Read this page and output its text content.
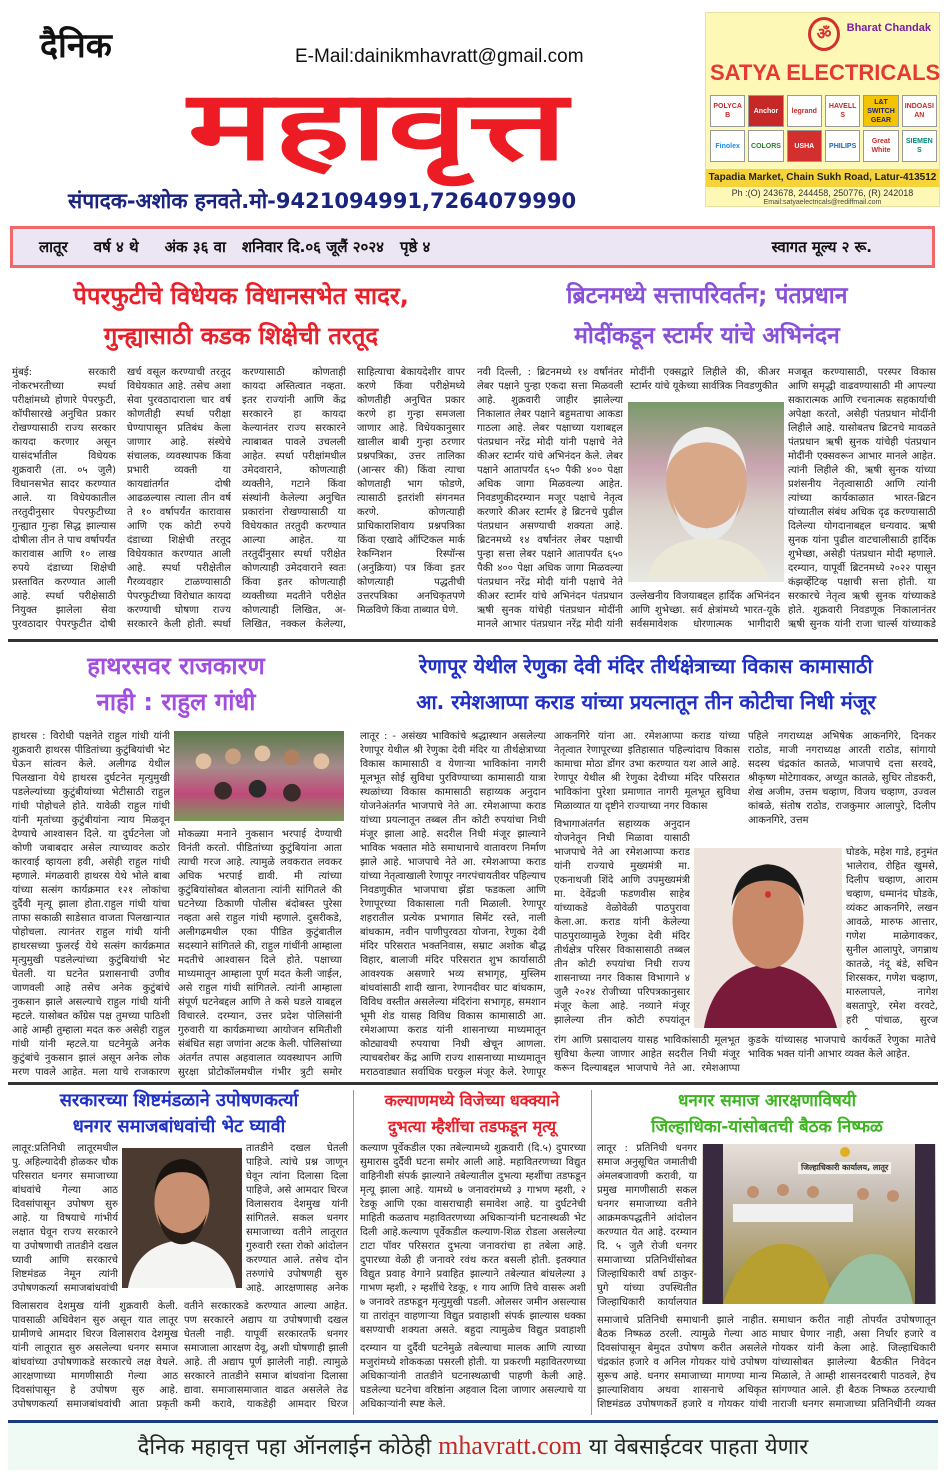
दैनिक	E-Mail:dainikmhavratt@gmail.com
महावृत्त
संपादक-अशोक हनवते.मो-9421094991,7264079990
ॐ	Bharat Chandak
SATYA ELECTRICALS
POLYCAB
Anchor	legrand
HAVELLS
L&T SWITCHGEAR
INDOASIAN
Finolex	COLORS	USHA	PHILIPS
Great White
SIEMENS
Tapadia Market, Chain Sukh Road, Latur-413512
Ph :(O) 243678, 244458, 250776, (R) 242018
Email:satyaelectricals@rediffmail.com
लातूर वर्ष ४ थे अंक ३६ वा शनिवार दि.०६ जूलैं २०२४ पृष्ठे ४	स्वागत मूल्य २ रू.
पेपरफुटीचे विधेयक विधानसभेत सादर,
गुन्ह्यासाठी कडक शिक्षेची तरतूद
मुंबई: सरकारी नोकरभरतीच्या स्पर्धा परीक्षांमध्ये होणारे पेपरफुटी, कॉपीसारखे अनुचित प्रकार रोखण्यासाठी राज्य सरकार कायदा करणार असून यासंदर्भातील विधेयक शुक्रवारी (ता. ०५ जुलै) विधानसभेत सादर करण्यात आले. या विधेयकातील तरतुदीनुसार पेपरफुटीच्या गुन्ह्यात गुन्हा सिद्ध झाल्यास दोषीला तीन ते पाच वर्षापर्यंत कारावास आणि १० लाख रुपये दंडाच्या शिक्षेची प्रस्तावित करण्यात आली आहे. स्पर्धा परीक्षेसाठी नियुक्त झालेला सेवा पुरवठादार पेपरफुटीत दोषी
खर्च वसूल करण्याची तरतूद विधेयकात आहे. तसेच अशा सेवा पुरवठादाराला चार वर्ष कोणतीही स्पर्धा परीक्षा घेण्यापासून प्रतिबंध केला जाणार आहे. संस्थेचे संचालक, व्यवस्थापक किंवा प्रभारी व्यक्ती या कायद्यांतर्गत दोषी आढळल्यास त्याला तीन वर्ष ते १० वर्षापर्यंत कारावास आणि एक कोटी रुपये दंडाच्या शिक्षेची तरतूद विधेयकात करण्यात आली आहे. स्पर्धा परीक्षेतील गैरव्यवहार टाळण्यासाठी पेपरफुटीच्या विरोधात कायदा करण्याची घोषणा राज्य सरकारने केली होती. स्पर्धा
करण्यासाठी कोणताही कायदा अस्तित्वात नव्हता. इतर राज्यांनी आणि केंद्र सरकारने हा कायदा केल्यानंतर राज्य सरकारने त्याबाबत पावले उचलली आहेत. स्पर्धा परीक्षांमधील उमेदवाराने, कोणत्याही व्यक्तीने, गटाने किंवा संस्थांनी केलेल्या अनुचित प्रकारांना रोखण्यासाठी या विधेयकात तरतुदी करण्यात आल्या आहेत. या तरतुदींनुसार स्पर्धा परीक्षेत कोणत्याही उमेदवाराने स्वतः किंवा इतर कोणत्याही व्यक्तीच्या मदतीने परीक्षेत कोणत्याही लिखित, अ-लिखित, नक्कल केलेल्या,
साहित्याचा बेकायदेशीर वापर करणे किंवा परीक्षेमध्ये कोणतीही अनुचित प्रकार करणे हा गुन्हा समजला जाणार आहे. विधेयकानुसार खालील बाबी गुन्हा ठरणार प्रश्नपत्रिका, उत्तर तालिका (आन्सर की) किंवा त्याचा कोणताही भाग फोडणे, त्यासाठी इतरांशी संगनमत करणे. कोणत्याही प्राधिकाराशिवाय प्रश्नपत्रिका किंवा एखादे ऑप्टिकल मार्क रेकग्निशन रिस्पॉन्स (अनुक्रिया) पत्र किंवा इतर कोणत्याही पद्धतीची उत्तरपत्रिका अनधिकृतपणे मिळविणे किंवा ताब्यात घेणे.
ब्रिटनमध्ये सत्तापरिवर्तन; पंतप्रधान
मोदींकडून स्टार्मर यांचे अभिनंदन
नवी दिल्ली, : ब्रिटनमध्ये १४ वर्षांनंतर लेबर पक्षाने पुन्हा एकदा सत्ता मिळवली आहे. शुक्रवारी जाहीर झालेल्या निकालात लेबर पक्षाने बहुमताचा आकडा गाठला आहे. लेबर पक्षाच्या यशाबद्दल पंतप्रधान नरेंद्र मोदी यांनी पक्षाचे नेते कीअर स्टार्मर यांचे अभिनंदन केले. लेबर पक्षाने आतापर्यंत ६५० पैकी ४०० पेक्षा अधिक जागा मिळवल्या आहेत. निवडणुकीदरम्यान मजूर पक्षाचे नेतृत्व करणारे कीअर स्टार्मर हे ब्रिटनचे पुढील पंतप्रधान असण्याची शक्यता आहे. ब्रिटनमध्ये १४ वर्षांनंतर लेबर पक्षाची पुन्हा सत्ता लेबर पक्षाने आतापर्यंत ६५० पैकी ४०० पेक्षा अधिक जागा मिळवल्या पंतप्रधान नरेंद्र मोदी यांनी पक्षाचे नेते कीअर स्टार्मर यांचे अभिनंदन पंतप्रधान ऋषी सुनक यांचेही पंतप्रधान मोदींनी मानले आभार पंतप्रधान नरेंद्र मोदी यांनी
मोदींनी एक्सद्वारे लिहीले की, कीअर स्टार्मर यांचे यूकेच्या सार्वत्रिक निवडणुकीत
उल्लेखनीय विजयाबद्दल हार्दिक अभिनंदन आणि शुभेच्छा. सर्व क्षेत्रांमध्ये भारत-यूके सर्वसमावेशक धोरणात्मक भागीदारी
मजबूत करण्यासाठी, परस्पर विकास आणि समृद्धी वाढवण्यासाठी मी आपल्या सकारात्मक आणि रचनात्मक सहकार्याची अपेक्षा करतो, असेही पंतप्रधान मोदींनी लिहीले आहे. यासोबतच ब्रिटनचे मावळते पंतप्रधान ऋषी सुनक यांचेही पंतप्रधान मोदींनी एक्सवरून आभार मानले आहेत. त्यांनी लिहीले की, ऋषी सुनक यांच्या प्रशंसनीय नेतृत्वासाठी आणि त्यांनी त्यांच्या कार्यकाळात भारत-ब्रिटन यांच्यातील संबंध अधिक दृढ करण्यासाठी दिलेल्या योगदानाबद्दल धन्यवाद. ऋषी सुनक यांना पुढील वाटचालीसाठी हार्दिक शुभेच्छा, असेही पंतप्रधान मोदी म्हणाले. दरम्यान, यापूर्वी ब्रिटनमध्ये २०२२ पासून कंझर्व्हेटिव्ह पक्षाची सत्ता होती. या सरकारचे नेतृत्व ऋषी सुनक यांच्याकडे होते. शुक्रवारी निवडणूक निकालानंतर ऋषी सुनक यांनी राजा चार्ल्स यांच्याकडे
हाथरसवर राजकारण
नाही : राहुल गांधी
हाथरस : विरोधी पक्षनेते राहुल गांधी यांनी शुक्रवारी हाथरस पीडितांच्या कुटुंबियांची भेट घेऊन सांत्वन केले. अलीगढ येथील पिलखाना येथे हाथरस दुर्घटनेत मृत्युमुखी पडलेल्यांच्या कुटुंबीयांच्या भेटीसाठी राहुल गांधी पोहोचले होते. यावेळी राहुल गांधी यांनी मृतांच्या कुटुंबीयांना न्याय मिळवून देण्याचे आश्वासन दिले. या दुर्घटनेला जो कोणी जबाबदार असेल त्याच्यावर कठोर कारवाई व्हायला हवी, असेही राहुल गांधी म्हणाले. मंगळवारी हाथरस येथे भोले बाबा यांच्या सत्संग कार्यक्रमात १२१ लोकांचा दुर्दैवी मृत्यू झाला होता.राहुल गांधी यांचा ताफा सकाळी साडेसात वाजता पिलखान्यात पोहोचला. त्यानंतर राहुल गांधी यांनी हाथरसच्या फुलरई येथे सत्संग कार्यक्रमात मृत्युमुखी पडलेल्यांच्या कुटुंबियांची भेट घेतली. या घटनेत प्रशासनाची उणीव जाणवली आहे तसेच अनेक कुटुंबांचे नुकसान झाले असल्याचे राहुल गांधी यांनी म्हटले. यासोबत काँग्रेस पक्ष तुमच्या पाठिशी आहे आम्ही तुम्हाला मदत करु असेही राहुल गांधी यांनी म्हटले.या घटनेमुळे अनेक कुटुंबांचे नुकसान झालं असून अनेक लोक मरण पावले आहेत. मला याचे राजकारण
मोकळ्या मनाने नुकसान भरपाई देण्याची विनंती करतो. पीडितांच्या कुटुंबियांना आता त्याची गरज आहे. त्यामुळे लवकरात लवकर अधिक भरपाई द्यावी. मी त्यांच्या कुटुंबियांसोबत बोलताना त्यांनी सांगितले की घटनेच्या ठिकाणी पोलीस बंदोबस्त पुरेसा नव्हता असे राहुल गांधी म्हणाले. दुसरीकडे, अलीगढमधील एका पीडित कुटुंबातील सदस्याने सांगितले की, राहुल गांधींनी आम्हाला मदतीचे आश्वासन दिले होते. पक्षाच्या माध्यमातून आम्हाला पूर्ण मदत केली जाईल, असे राहुल गांधी सांगितले. त्यांनी आम्हाला संपूर्ण घटनेबद्दल आणि ते कसे घडले याबद्दल विचारले. दरम्यान, उत्तर प्रदेश पोलिसांनी गुरुवारी या कार्यक्रमाच्या आयोजन समितीशी संबंधित सहा जणांना अटक केली. पोलिसांच्या अंतर्गत तपास अहवालात व्यवस्थापन आणि सुरक्षा प्रोटोकॉलमधील गंभीर त्रुटी समोर
रेणापूर येथील रेणुका देवी मंदिर तीर्थक्षेत्राच्या विकास कामासाठी
आ. रमेशआप्पा कराड यांच्या प्रयत्नातून तीन कोटीचा निधी मंजूर
लातूर : - असंख्य भाविकांचे श्रद्धास्थान असलेल्या रेणापूर येथील श्री रेणुका देवी मंदिर या तीर्थक्षेत्राच्या विकास कामासाठी व येणाऱ्या भाविकांना नागरी मूलभूत सोई सुविधा पुरविण्याच्या कामासाठी यात्रा स्थळांच्या विकास कामासाठी सहाय्यक अनुदान योजनेअंतर्गत भाजपाचे नेते आ. रमेशआप्पा कराड यांच्या प्रयत्नातून तब्बल तीन कोटी रुपयांचा निधी मंजूर झाला आहे. सदरील निधी मंजूर झाल्याने भाविक भक्तात मोठे समाधानाचे वातावरण निर्माण झाले आहे. भाजपाचे नेते आ. रमेशआप्पा कराड यांच्या नेतृत्वाखाली रेणापूर नगरपंचायतीवर पहिल्याच निवडणुकीत भाजपाचा झेंडा फडकला आणि रेणापूरच्या विकासाला गती मिळाली. रेणापूर शहरातील प्रत्येक प्रभागात सिमेंट रस्ते, नाली बांधकाम, नवीन पाणीपुरवठा योजना, रेणुका देवी मंदिर परिसरात भक्तनिवास, सम्राट अशोक बौद्ध विहार, बालाजी मंदिर परिसरात शुभ कार्यासाठी आवश्यक असणारे भव्य सभागृह, मुस्लिम बांधवांसाठी शादी खाना, रेणानदीवर घाट बांधकाम, विविध वस्तीत असलेल्या मंदिरांना सभागृह, समशान भूमी शेड यासह विविध विकास कामासाठी आ. रमेशआप्पा कराड यांनी शासनाच्या माध्यमातून कोट्यावधी रुपयाचा निधी खेचून आणला. त्याचबरोबर केंद्र आणि राज्य शासनाच्या माध्यमातून मराठवाड्यात सर्वाधिक घरकुल मंजूर केले. रेणापूर
आकनगिरे यांना आ. रमेशआप्पा कराड यांच्या नेतृत्वात रेणापूरच्या इतिहासात पहिल्यांदाच विकास कामाचा मोठा डोंगर उभा करण्यात यश आले आहे. रेणापूर येथील श्री रेणुका देवीच्या मंदिर परिसरात भाविकांना पुरेशा प्रमाणात नागरी मूलभूत सुविधा मिळाव्यात या दृष्टीने राज्याच्या नगर विकास
विभागाअंतर्गत सहाय्यक अनुदान योजनेतून निधी मिळावा यासाठी भाजपाचे नेते आ रमेशआप्पा कराड यांनी राज्याचे मुख्यमंत्री मा. एकनाथजी शिंदे आणि उपमुख्यमंत्री मा. देवेंद्रजी फडणवीस साहेब यांच्याकडे वेळोवेळी पाठपुरावा केला.आ. कराड यांनी केलेल्या पाठपुराव्यामुळे रेणुका देवी मंदिर तीर्थक्षेत्र परिसर विकासासाठी तब्बल तीन कोटी रुपयांचा निधी राज्य शासनाच्या नगर विकास विभागाने ४ जुलै २०२४ रोजीच्या परिपत्रकानुसार मंजूर केला आहे. नव्याने मंजूर झालेल्या तीन कोटी रुपयांतून
रांग आणि प्रसादालय यासह भाविकांसाठी मूलभूत सुविधा केल्या जाणार आहेत सदरील निधी मंजूर करून दिल्याबद्दल भाजपाचे नेते आ. रमेशआप्पा
पहिले नगराध्यक्ष अभिषेक आकनगिरे, दिनकर राठोड, माजी नगराध्यक्ष आरती राठोड, सांगायो सदस्य चंद्रकांत कातळे, भाजपाचे दत्ता सरवदे, श्रीकृष्ण मोटेगावकर, अच्युत कातळे, सुधिर तोडकरी, शेख अजीम, उत्तम चव्हाण, विजय चव्हाण, उज्वल कांबळे, संतोष राठोड, राजकुमार आलापुरे, दिलीप आकनगिरे, उत्तम
घोडके, महेश गाडे, हनुमंत भालेराव, रोहित खुमसे, दिलीप चव्हाण, आराम चव्हाण, धम्मानंद घोडके, व्यंकट आकनगिरे, लखन आवळे, मारुफ आत्तार, गणेश माळेगावकर, सुनील आलापुरे, जगन्नाथ कातळे, नंदू बंडे, सचिन शिरसकर, गणेश चव्हाण, मारुलापले, नागेश बसतापुरे, रमेश वरवटे, हरी पांचाळ, सुरज
कुडके यांच्यासह भाजपाचे कार्यकर्ते रेणुका मातेचे भाविक भक्त यांनी आभार व्यक्त केले आहेत.
सरकारच्या शिष्टमंडळाने उपोषणकर्त्या
धनगर समाजबांधवांची भेट घ्यावी
लातूर:प्रतिनिधी लातूरमधील पु. अहिल्यादेवी होळकर चौक परिसरात धनगर समाजाच्या बांधवांचे गेल्या आठ दिवसांपासून उपोषण सुरु आहे. या विषयाचे गांभीर्य लक्षात घेवून राज्य सरकारने या उपोषणाची तातडीने दखल घ्यावी आणि सरकारचे शिष्टमंडळ नेमून त्यांनी उपोषणकर्त्या समाजबांधवांची
तातडीने दखल घेतली पाहिजे. त्यांचे प्रश्न जाणून घेवून त्यांना दिलासा दिला पाहिजे, असे आमदार धिरज विलासराव देशमुख यांनी सांगितले. सकल धनगर समाजाच्या वतीने लातूरात गुरुवारी रस्ता रोको आंदोलन करण्यात आले. तसेच दोन तरुणांचे उपोषणही सुरु आहे. आरक्षणासह अनेक
विलासराव देशमुख यांनी शुक्रवारी केली. पावसाळी अधिवेशन सुरु असून यात लातूर ग्रामीणचे आमदार धिरज विलासराव देशमुख यांनी लातूरात सुरु असलेल्या धनगर समाज बांधवांच्या उपोषणाकडे सरकारचे लक्ष वेधले. आरक्षणाच्या मागणीसाठी गेल्या आठ दिवसांपासून हे उपोषण सुरु आहे. उपोषणकर्त्या समाजबांधवांची आता प्रकृती
वतीने सरकारकडे करण्यात आल्या आहेत. पण सरकारने अद्याप या उपोषणाची दखल घेतली नाही. यापूर्वी सरकारतर्फे धनगर समाजाला आरक्षण देवू, अशी घोषणाही झाली आहे. ती अद्याप पूर्ण झालेली नाही. त्यामुळे सरकारने तातडीने समाज बांधवांना दिलासा द्यावा. समाजासमाजात वाढत असलेले तेढ कमी करावे, याकडेही आमदार धिरज
कल्याणमध्ये विजेच्या धक्क्याने
दुभत्या म्हैशींचा तडफडून मृत्यू
कल्याण पूर्वेकडील एका तबेल्यामध्ये शुक्रवारी (दि.५) दुपारच्या सुमारास दुर्दैवी घटना समोर आली आहे. महावितरणच्या विद्युत वाहिनीशी संपर्क झाल्याने तबेल्यातील दुभत्या म्हशींचा तडफडून मृत्यू झाला आहे. यामध्ये ७ जनावरांमध्ये ३ गाभण म्हशी, २ रेडकू आणि एका वासराचाही समावेश आहे. या दुर्घटनेची माहिती कळताच महावितरणच्या अधिकाऱ्यांनी घटनास्थळी भेट दिली आहे.कल्याण पूर्वेकडील कल्याण-शिळ रोडला असलेल्या टाटा पॉवर परिसरात दुभत्या जनावरांचा हा तबेला आहे. दुपारच्या वेळी ही जनावरे रवंथ करत बसली होती. इतक्यात विद्युत प्रवाह वेगाने प्रवाहित झाल्याने तबेल्यात बांधलेल्या ३ गाभण म्हशी, २ म्हशींचे रेडकू, १ गाय आणि तिचे वासरू अशी ७ जनावरे तडफडून मृत्युमुखी पडली. ओलसर जमीन असल्यास या तारांतून वाहणाऱ्या विद्युत प्रवाहाशी संपर्क झाल्यास धक्का बसण्याची शक्यता असते. बहुदा त्यामुळेच विद्युत प्रवाहाशी
दरम्यान या दुर्दैवी घटनेमुळे तबेल्याचा मालक आणि त्याच्या मजुरांमध्ये शोककळा पसरली होती. या प्रकरणी महावितरणच्या अधिकाऱ्यांनी तातडीने घटनास्थळाची पाहणी केली आहे. घडलेल्या घटनेचा वरिष्ठांना अहवाल दिला जाणार असल्याचे या अधिकाऱ्यांनी स्पष्ट केले.
धनगर समाज आरक्षणाविषयी
जिल्हाधिका-यांसोबतची बैठक निष्फळ
लातूर : प्रतिनिधी धनगर समाज अनुसूचित जमातीची अंमलबजावणी करावी, या प्रमुख मागणीसाठी सकल धनगर समाजाच्या वतीने आक्रमकपद्धतीने आंदोलन करण्यात येत आहे. दरम्यान दि. ५ जुलै रोजी धनगर समाजाच्या प्रतिनिधींसोबत जिल्हाधिकारी वर्षा ठाकुर-घुगे यांच्या उपस्थितीत जिल्हाधिकारी कार्यालयात
जिल्हाधिकारी कार्यालय, लातूर
समाजाचे प्रतिनिधी समाधानी झाले नाहीत. बैठक निष्फळ ठरली. त्यामुळे गेल्या आठ दिवसांपासून बेमुदत उपोषण करीत असलेले चंद्रकांत हजारे व अनिल गोयकर यांचे उपोषण सुरूच आहे. धनगर समाजाच्या मागण्या मान्य झाल्याशिवाय अथवा शासनाचे अधिकृत शिष्टमंडळ उपोषणकर्ते हजारे व गोयकर यांची
समाधान करीत नाही तोपर्यंत उपोषणातून माघार घेणार नाही, असा निर्धार हजारे व गोयकर यांनी केला आहे. जिल्हाधिकारी यांच्यासोबत झालेल्या बैठकीत निवेदन मिळाले, ते आम्ही शासनदरबारी पाठवले, हेच सांगण्यात आले. ही बैठक निष्फळ ठरल्याची नाराजी धनगर समाजाच्या प्रतिनिधींनी व्यक्त
दैनिक महावृत्त पहा ऑनलाईन कोठेही mhavratt.com या वेबसाईटवर पाहता येणार
